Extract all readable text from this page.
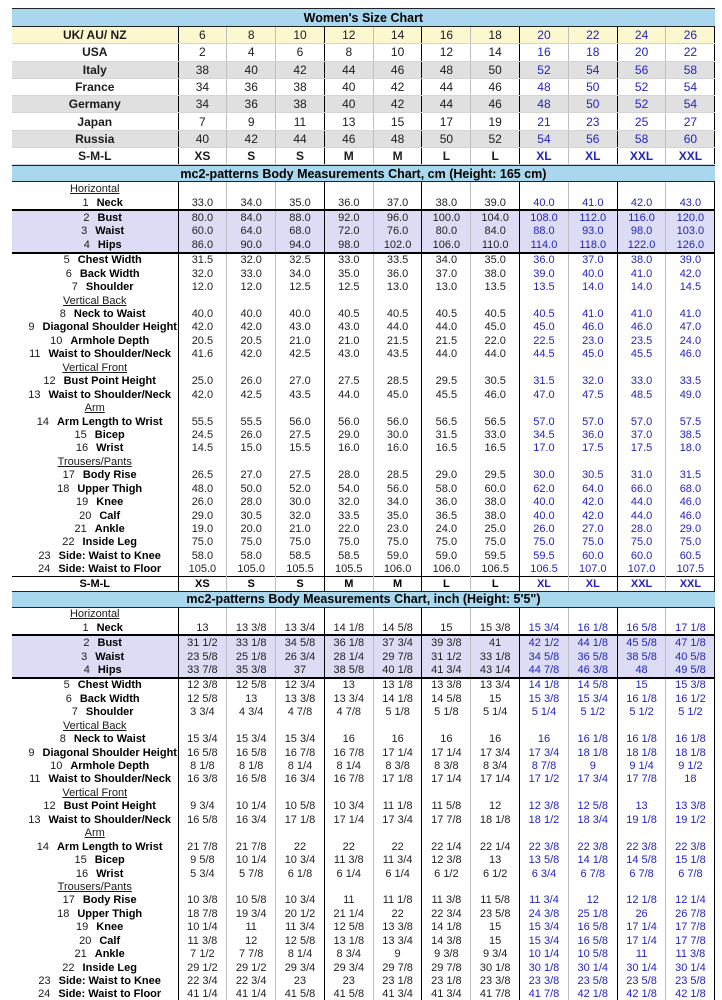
Women's Size Chart											
UK/ AU/ NZ	6	8	10	12	14	16	18	20	22	24	26
USA	2	4	6	8	10	12	14	16	18	20	22
Italy	38	40	42	44	46	48	50	52	54	56	58
France	34	36	38	40	42	44	46	48	50	52	54
Germany	34	36	38	40	42	44	46	48	50	52	54
Japan	7	9	11	13	15	17	19	21	23	25	27
Russia	40	42	44	46	48	50	52	54	56	58	60
S-M-L	XS	S	S	M	M	L	L	XL	XL	XXL	XXL
mc2-patterns Body Measurements Chart, cm (Height: 165 cm)											
Horizontal											
1 Neck	33.0	34.0	35.0	36.0	37.0	38.0	39.0	40.0	41.0	42.0	43.0
2 Bust	80.0	84.0	88.0	92.0	96.0	100.0	104.0	108.0	112.0	116.0	120.0
3 Waist	60.0	64.0	68.0	72.0	76.0	80.0	84.0	88.0	93.0	98.0	103.0
4 Hips	86.0	90.0	94.0	98.0	102.0	106.0	110.0	114.0	118.0	122.0	126.0
5 Chest Width	31.5	32.0	32.5	33.0	33.5	34.0	35.0	36.0	37.0	38.0	39.0
6 Back Width	32.0	33.0	34.0	35.0	36.0	37.0	38.0	39.0	40.0	41.0	42.0
7 Shoulder	12.0	12.0	12.5	12.5	13.0	13.0	13.5	13.5	14.0	14.0	14.5
Vertical Back											
8 Neck to Waist	40.0	40.0	40.0	40.5	40.5	40.5	40.5	40.5	41.0	41.0	41.0
9 Diagonal Shoulder Height	42.0	42.0	43.0	43.0	44.0	44.0	45.0	45.0	46.0	46.0	47.0
10 Armhole Depth	20.5	20.5	21.0	21.0	21.5	21.5	22.0	22.5	23.0	23.5	24.0
11 Waist to Shoulder/Neck	41.6	42.0	42.5	43.0	43.5	44.0	44.0	44.5	45.0	45.5	46.0
Vertical Front											
12 Bust Point Height	25.0	26.0	27.0	27.5	28.5	29.5	30.5	31.5	32.0	33.0	33.5
13 Waist to Shoulder/Neck	42.0	42.5	43.5	44.0	45.0	45.5	46.0	47.0	47.5	48.5	49.0
Arm											
14 Arm Length to Wrist	55.5	55.5	56.0	56.0	56.0	56.5	56.5	57.0	57.0	57.0	57.5
15 Bicep	24.5	26.0	27.5	29.0	30.0	31.5	33.0	34.5	36.0	37.0	38.5
16 Wrist	14.5	15.0	15.5	16.0	16.0	16.5	16.5	17.0	17.5	17.5	18.0
Trousers/Pants											
17 Body Rise	26.5	27.0	27.5	28.0	28.5	29.0	29.5	30.0	30.5	31.0	31.5
18 Upper Thigh	48.0	50.0	52.0	54.0	56.0	58.0	60.0	62.0	64.0	66.0	68.0
19 Knee	26.0	28.0	30.0	32.0	34.0	36.0	38.0	40.0	42.0	44.0	46.0
20 Calf	29.0	30.5	32.0	33.5	35.0	36.5	38.0	40.0	42.0	44.0	46.0
21 Ankle	19.0	20.0	21.0	22.0	23.0	24.0	25.0	26.0	27.0	28.0	29.0
22 Inside Leg	75.0	75.0	75.0	75.0	75.0	75.0	75.0	75.0	75.0	75.0	75.0
23 Side: Waist to Knee	58.0	58.0	58.5	58.5	59.0	59.0	59.5	59.5	60.0	60.0	60.5
24 Side: Waist to Floor	105.0	105.0	105.5	105.5	106.0	106.0	106.5	106.5	107.0	107.0	107.5
S-M-L	XS	S	S	M	M	L	L	XL	XL	XXL	XXL
mc2-patterns Body Measurements Chart, inch (Height: 5'5")											
Horizontal											
1 Neck	13	13 3/8	13 3/4	14 1/8	14 5/8	15	15 3/8	15 3/4	16 1/8	16 5/8	17 1/8
2 Bust	31 1/2	33 1/8	34 5/8	36 1/8	37 3/4	39 3/8	41	42 1/2	44 1/8	45 5/8	47 1/8
3 Waist	23 5/8	25 1/8	26 3/4	28 1/4	29 7/8	31 1/2	33 1/8	34 5/8	36 5/8	38 5/8	40 5/8
4 Hips	33 7/8	35 3/8	37	38 5/8	40 1/8	41 3/4	43 1/4	44 7/8	46 3/8	48	49 5/8
5 Chest Width	12 3/8	12 5/8	12 3/4	13	13 1/8	13 3/8	13 3/4	14 1/8	14 5/8	15	15 3/8
6 Back Width	12 5/8	13	13 3/8	13 3/4	14 1/8	14 5/8	15	15 3/8	15 3/4	16 1/8	16 1/2
7 Shoulder	3 3/4	4 3/4	4 7/8	4 7/8	5 1/8	5 1/8	5 1/4	5 1/4	5 1/2	5 1/2	5 1/2
Vertical Back											
8 Neck to Waist	15 3/4	15 3/4	15 3/4	16	16	16	16	16	16 1/8	16 1/8	16 1/8
9 Diagonal Shoulder Height	16 5/8	16 5/8	16 7/8	16 7/8	17 1/4	17 1/4	17 3/4	17 3/4	18 1/8	18 1/8	18 1/8
10 Armhole Depth	8 1/8	8 1/8	8 1/4	8 1/4	8 3/8	8 3/8	8 3/4	8 7/8	9	9 1/4	9 1/2
11 Waist to Shoulder/Neck	16 3/8	16 5/8	16 3/4	16 7/8	17 1/8	17 1/4	17 1/4	17 1/2	17 3/4	17 7/8	18
Vertical Front											
12 Bust Point Height	9 3/4	10 1/4	10 5/8	10 3/4	11 1/8	11 5/8	12	12 3/8	12 5/8	13	13 3/8
13 Waist to Shoulder/Neck	16 5/8	16 3/4	17 1/8	17 1/4	17 3/4	17 7/8	18 1/8	18 1/2	18 3/4	19 1/8	19 1/2
Arm											
14 Arm Length to Wrist	21 7/8	21 7/8	22	22	22	22 1/4	22 1/4	22 3/8	22 3/8	22 3/8	22 3/8
15 Bicep	9 5/8	10 1/4	10 3/4	11 3/8	11 3/4	12 3/8	13	13 5/8	14 1/8	14 5/8	15 1/8
16 Wrist	5 3/4	5 7/8	6 1/8	6 1/4	6 1/4	6 1/2	6 1/2	6 3/4	6 7/8	6 7/8	6 7/8
Trousers/Pants											
17 Body Rise	10 3/8	10 5/8	10 3/4	11	11 1/8	11 3/8	11 5/8	11 3/4	12	12 1/8	12 1/4
18 Upper Thigh	18 7/8	19 3/4	20 1/2	21 1/4	22	22 3/4	23 5/8	24 3/8	25 1/8	26	26 7/8
19 Knee	10 1/4	11	11 3/4	12 5/8	13 3/8	14 1/8	15	15 3/4	16 5/8	17 1/4	17 7/8
20 Calf	11 3/8	12	12 5/8	13 1/8	13 3/4	14 3/8	15	15 3/4	16 5/8	17 1/4	17 7/8
21 Ankle	7 1/2	7 7/8	8 1/4	8 3/4	9	9 3/8	9 3/4	10 1/4	10 5/8	11	11 3/8
22 Inside Leg	29 1/2	29 1/2	29 3/4	29 3/4	29 7/8	29 7/8	30 1/8	30 1/8	30 1/4	30 1/4	30 1/4
23 Side: Waist to Knee	22 3/4	22 3/4	23	23	23 1/8	23 1/8	23 3/8	23 3/8	23 5/8	23 5/8	23 5/8
24 Side: Waist to Floor	41 1/4	41 1/4	41 5/8	41 5/8	41 3/4	41 3/4	41 7/8	41 7/8	42 1/8	42 1/8	42 1/8
